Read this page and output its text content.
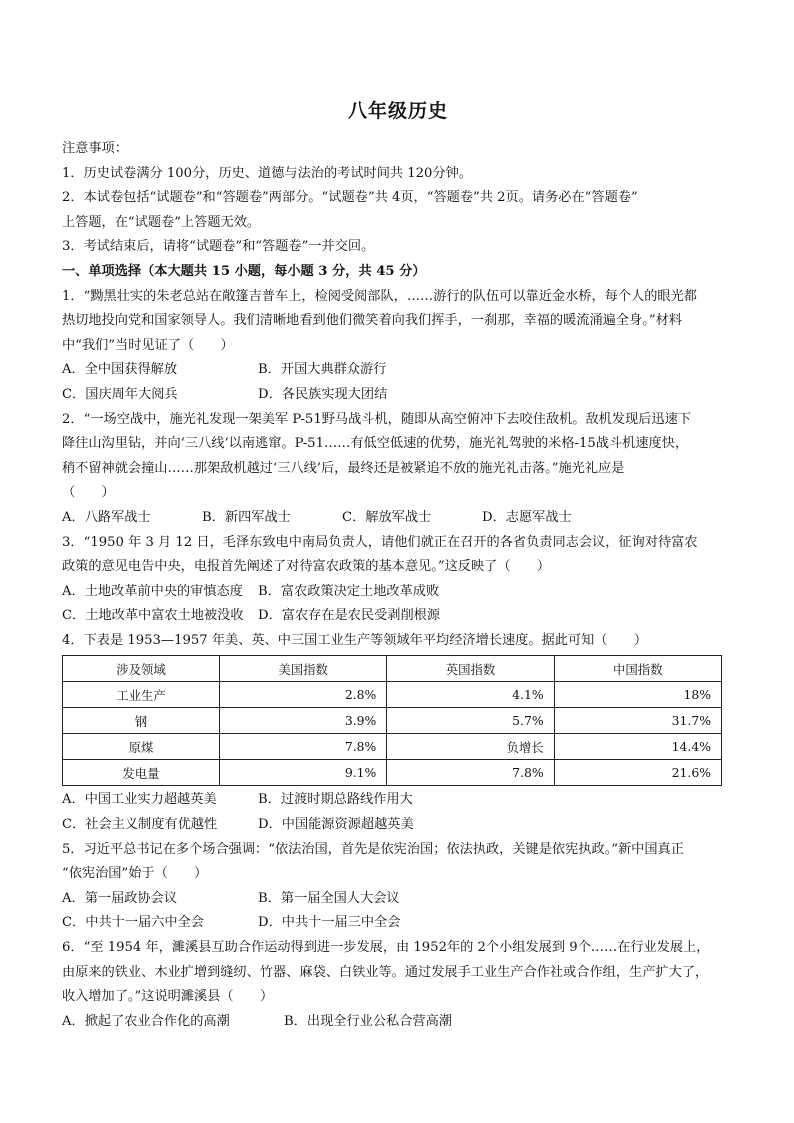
八年级历史
注意事项：
1．历史试卷满分 100分，历史、道德与法治的考试时间共 120分钟。
2．本试卷包括“试题卷”和“答题卷”两部分。“试题卷”共 4页，“答题卷”共 2页。请务必在“答题卷”
上答题，在“试题卷”上答题无效。
3．考试结束后，请将“试题卷”和“答题卷”一并交回。
一、单项选择（本大题共 15 小题，每小题 3 分，共 45 分）
1．“黝黑壮实的朱老总站在敞篷吉普车上，检阅受阅部队，……游行的队伍可以靠近金水桥，每个人的眼光都
热切地投向党和国家领导人。我们清晰地看到他们微笑着向我们挥手，一刹那，幸福的暖流涌遍全身。”材料
中“我们”当时见证了（　　）
A．全中国获得解放	B．开国大典群众游行
C．国庆周年大阅兵	D．各民族实现大团结
2．“一场空战中，施光礼发现一架美军 P-51野马战斗机，随即从高空俯冲下去咬住敌机。敌机发现后迅速下
降往山沟里钻，并向‘三八线’以南逃窜。P-51……有低空低速的优势，施光礼驾驶的米格-15战斗机速度快，
稍不留神就会撞山……那架敌机越过‘三八线’后，最终还是被紧追不放的施光礼击落。”施光礼应是
（　　）
A．八路军战士	B．新四军战士	C．解放军战士	D．志愿军战士
3．“1950 年 3 月 12 日，毛泽东致电中南局负责人，请他们就正在召开的各省负责同志会议，征询对待富农
政策的意见电告中央，电报首先阐述了对待富农政策的基本意见。”这反映了（　　）
A．土地改革前中央的审慎态度	B．富农政策决定土地改革成败
C．土地改革中富农土地被没收	D．富农存在是农民受剥削根源
4．下表是 1953—1957 年美、英、中三国工业生产等领域年平均经济增长速度。据此可知（　　）
涉及领域	美国指数	英国指数	中国指数
工业生产	2.8%	4.1%	18%
钢	3.9%	5.7%	31.7%
原煤	7.8%	负增长	14.4%
发电量	9.1%	7.8%	21.6%
A．中国工业实力超越英美	B．过渡时期总路线作用大
C．社会主义制度有优越性	D．中国能源资源超越英美
5．习近平总书记在多个场合强调：“依法治国，首先是依宪治国；依法执政，关键是依宪执政。”新中国真正
“依宪治国”始于（　　）
A．第一届政协会议	B．第一届全国人大会议
C．中共十一届六中全会	D．中共十一届三中全会
6．“至 1954 年，濉溪县互助合作运动得到进一步发展，由 1952年的 2个小组发展到 9个……在行业发展上，
由原来的铁业、木业扩增到缝纫、竹器、麻袋、白铁业等。通过发展手工业生产合作社或合作组，生产扩大了，
收入增加了。”这说明濉溪县（　　）
A．掀起了农业合作化的高潮	B．出现全行业公私合营高潮
